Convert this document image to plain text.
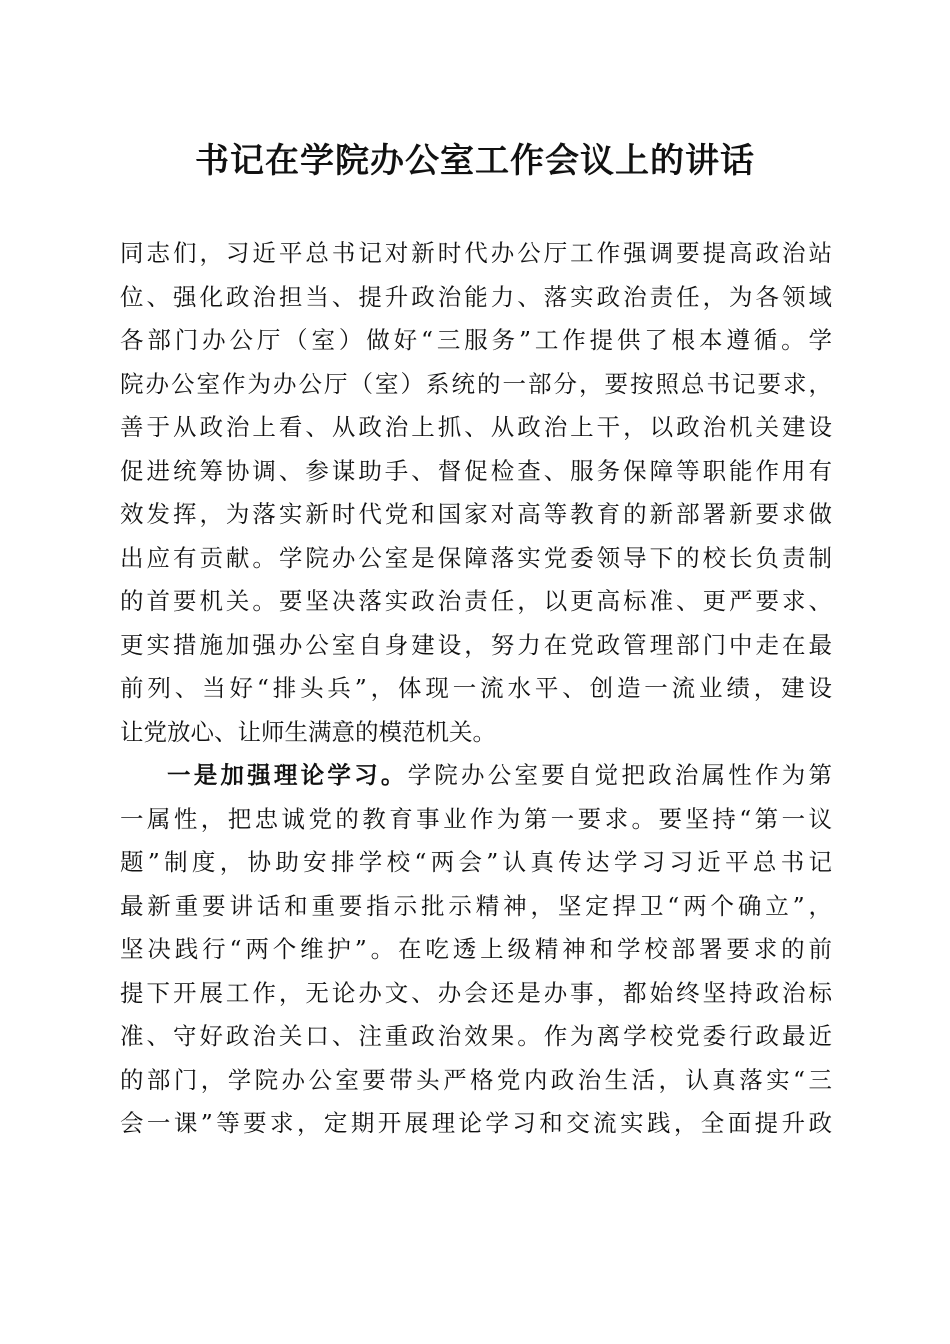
书记在学院办公室工作会议上的讲话

同志们，习近平总书记对新时代办公厅工作强调要提高政治站
位、强化政治担当、提升政治能力、落实政治责任，为各领域
各部门办公厅（室）做好“三服务”工作提供了根本遵循。学
院办公室作为办公厅（室）系统的一部分，要按照总书记要求，
善于从政治上看、从政治上抓、从政治上干，以政治机关建设
促进统筹协调、参谋助手、督促检查、服务保障等职能作用有
效发挥，为落实新时代党和国家对高等教育的新部署新要求做
出应有贡献。学院办公室是保障落实党委领导下的校长负责制
的首要机关。要坚决落实政治责任，以更高标准、更严要求、
更实措施加强办公室自身建设，努力在党政管理部门中走在最
前列、当好“排头兵”，体现一流水平、创造一流业绩，建设
让党放心、让师生满意的模范机关。

一是加强理论学习。学院办公室要自觉把政治属性作为第
一属性，把忠诚党的教育事业作为第一要求。要坚持“第一议
题”制度，协助安排学校“两会”认真传达学习习近平总书记
最新重要讲话和重要指示批示精神，坚定捍卫“两个确立”，
坚决践行“两个维护”。在吃透上级精神和学校部署要求的前
提下开展工作，无论办文、办会还是办事，都始终坚持政治标
准、守好政治关口、注重政治效果。作为离学校党委行政最近
的部门，学院办公室要带头严格党内政治生活，认真落实“三
会一课”等要求，定期开展理论学习和交流实践，全面提升政
